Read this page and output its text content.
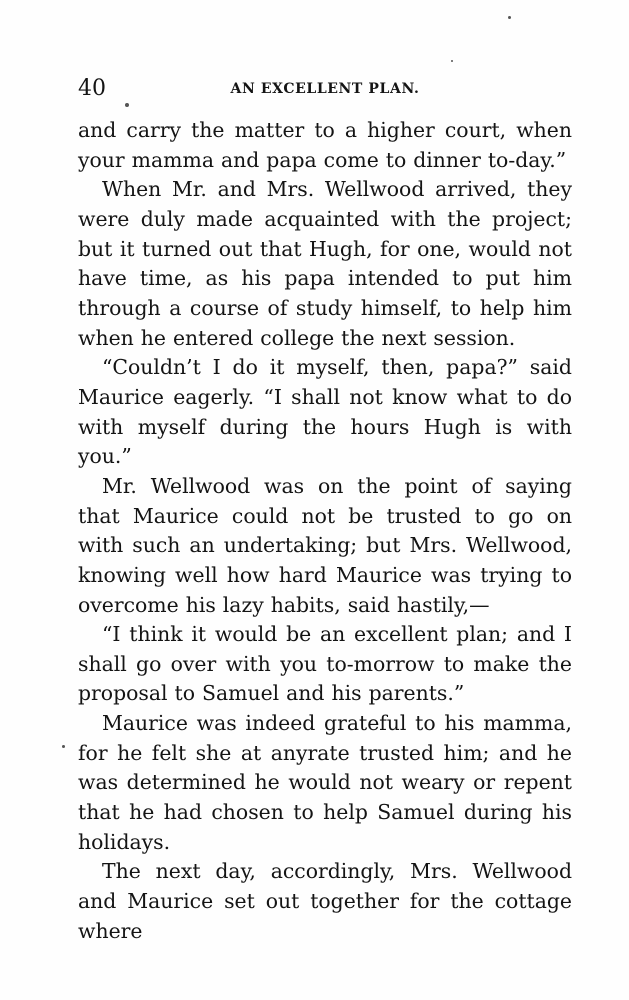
40	AN EXCELLENT PLAN.

and carry the matter to a higher court, when your mamma and papa come to dinner to-day.”

When Mr. and Mrs. Wellwood arrived, they were duly made acquainted with the project; but it turned out that Hugh, for one, would not have time, as his papa intended to put him through a course of study himself, to help him when he entered college the next session.

“Couldn’t I do it myself, then, papa?” said Maurice eagerly. “I shall not know what to do with myself during the hours Hugh is with you.”

Mr. Wellwood was on the point of saying that Maurice could not be trusted to go on with such an undertaking; but Mrs. Wellwood, knowing well how hard Maurice was trying to overcome his lazy habits, said hastily,—

“I think it would be an excellent plan; and I shall go over with you to-morrow to make the proposal to Samuel and his parents.”

Maurice was indeed grateful to his mamma, for he felt she at anyrate trusted him; and he was determined he would not weary or repent that he had chosen to help Samuel during his holidays.

The next day, accordingly, Mrs. Wellwood and Maurice set out together for the cottage where
